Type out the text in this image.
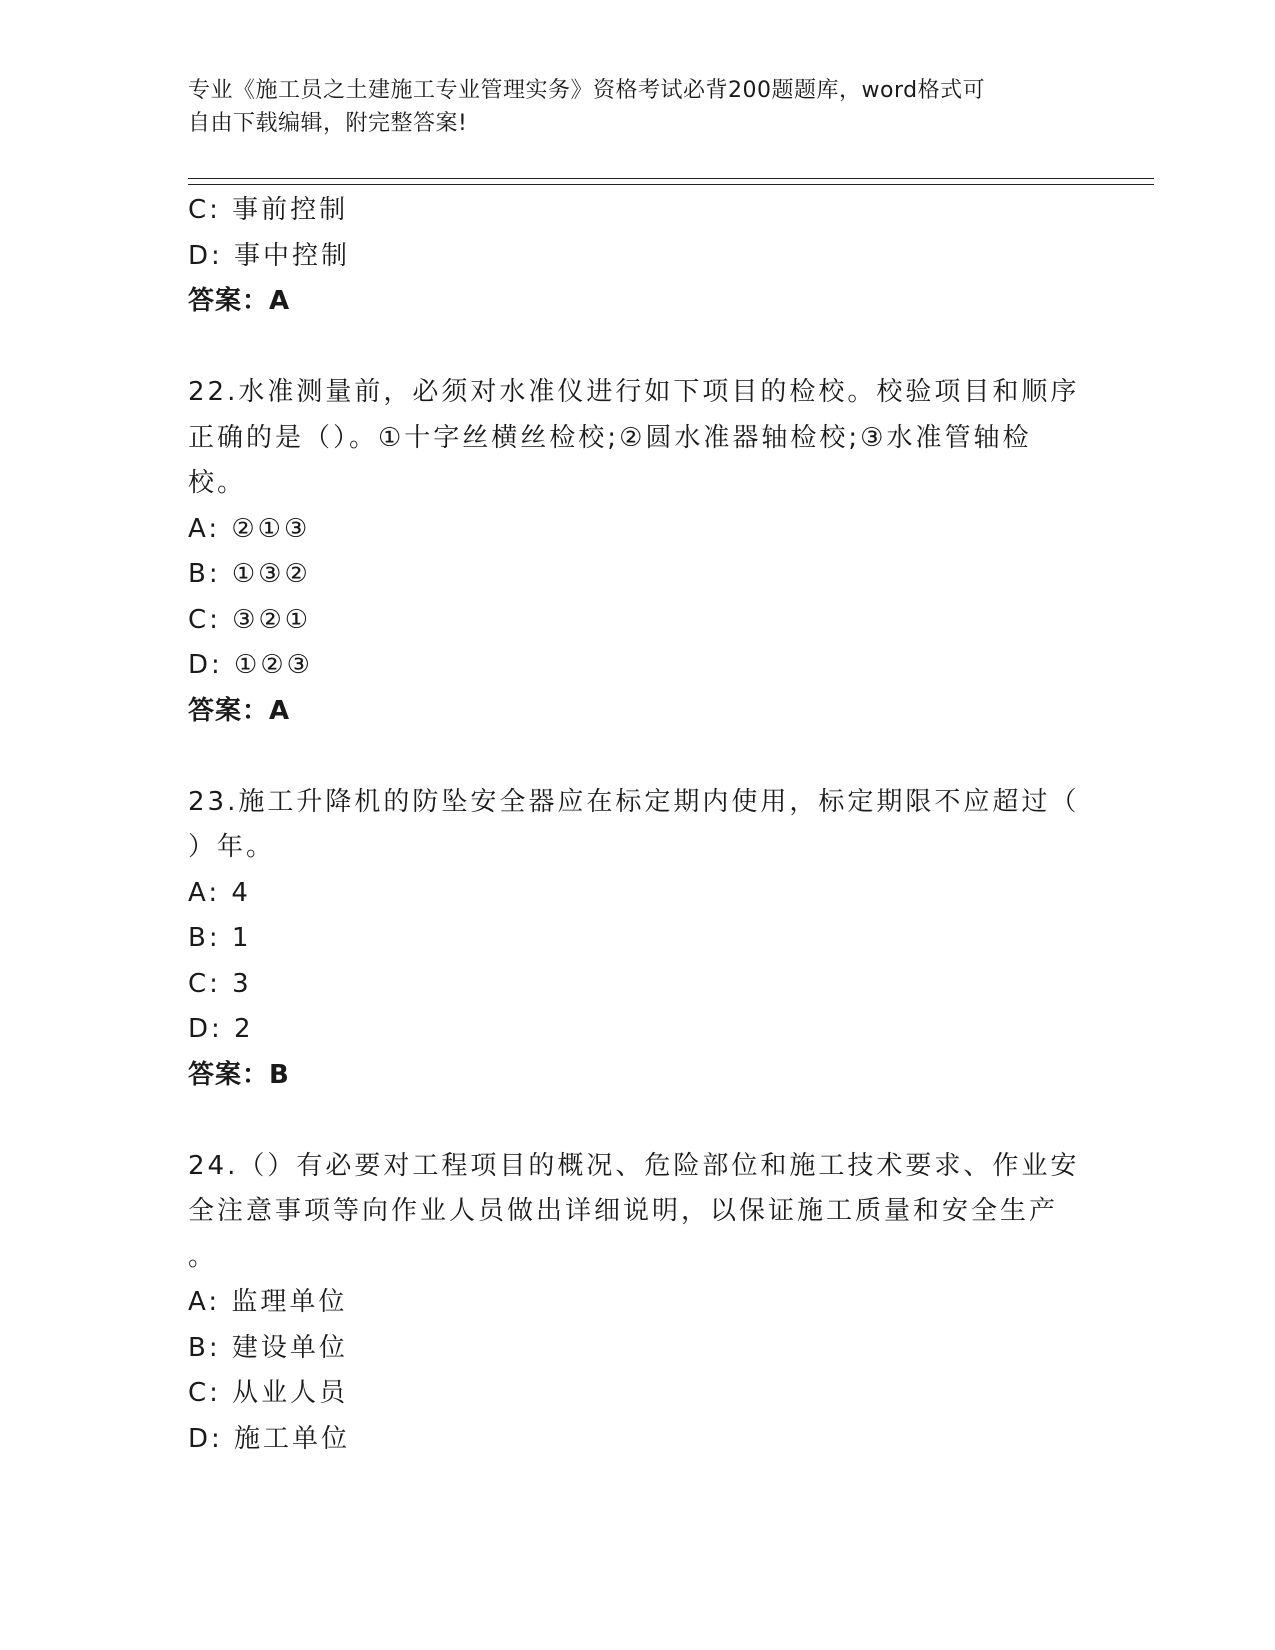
专业《施工员之土建施工专业管理实务》资格考试必背200题题库，word格式可
自由下载编辑，附完整答案!
C: 事前控制
D: 事中控制
答案：A
22.水准测量前，必须对水准仪进行如下项目的检校。校验项目和顺序
正确的是（）。①十字丝横丝检校;②圆水准器轴检校;③水准管轴检
校。
A: ②①③
B: ①③②
C: ③②①
D: ①②③
答案：A
23.施工升降机的防坠安全器应在标定期内使用，标定期限不应超过（
）年。
A: 4
B: 1
C: 3
D: 2
答案：B
24.（）有必要对工程项目的概况、危险部位和施工技术要求、作业安
全注意事项等向作业人员做出详细说明，以保证施工质量和安全生产
。
A: 监理单位
B: 建设单位
C: 从业人员
D: 施工单位
